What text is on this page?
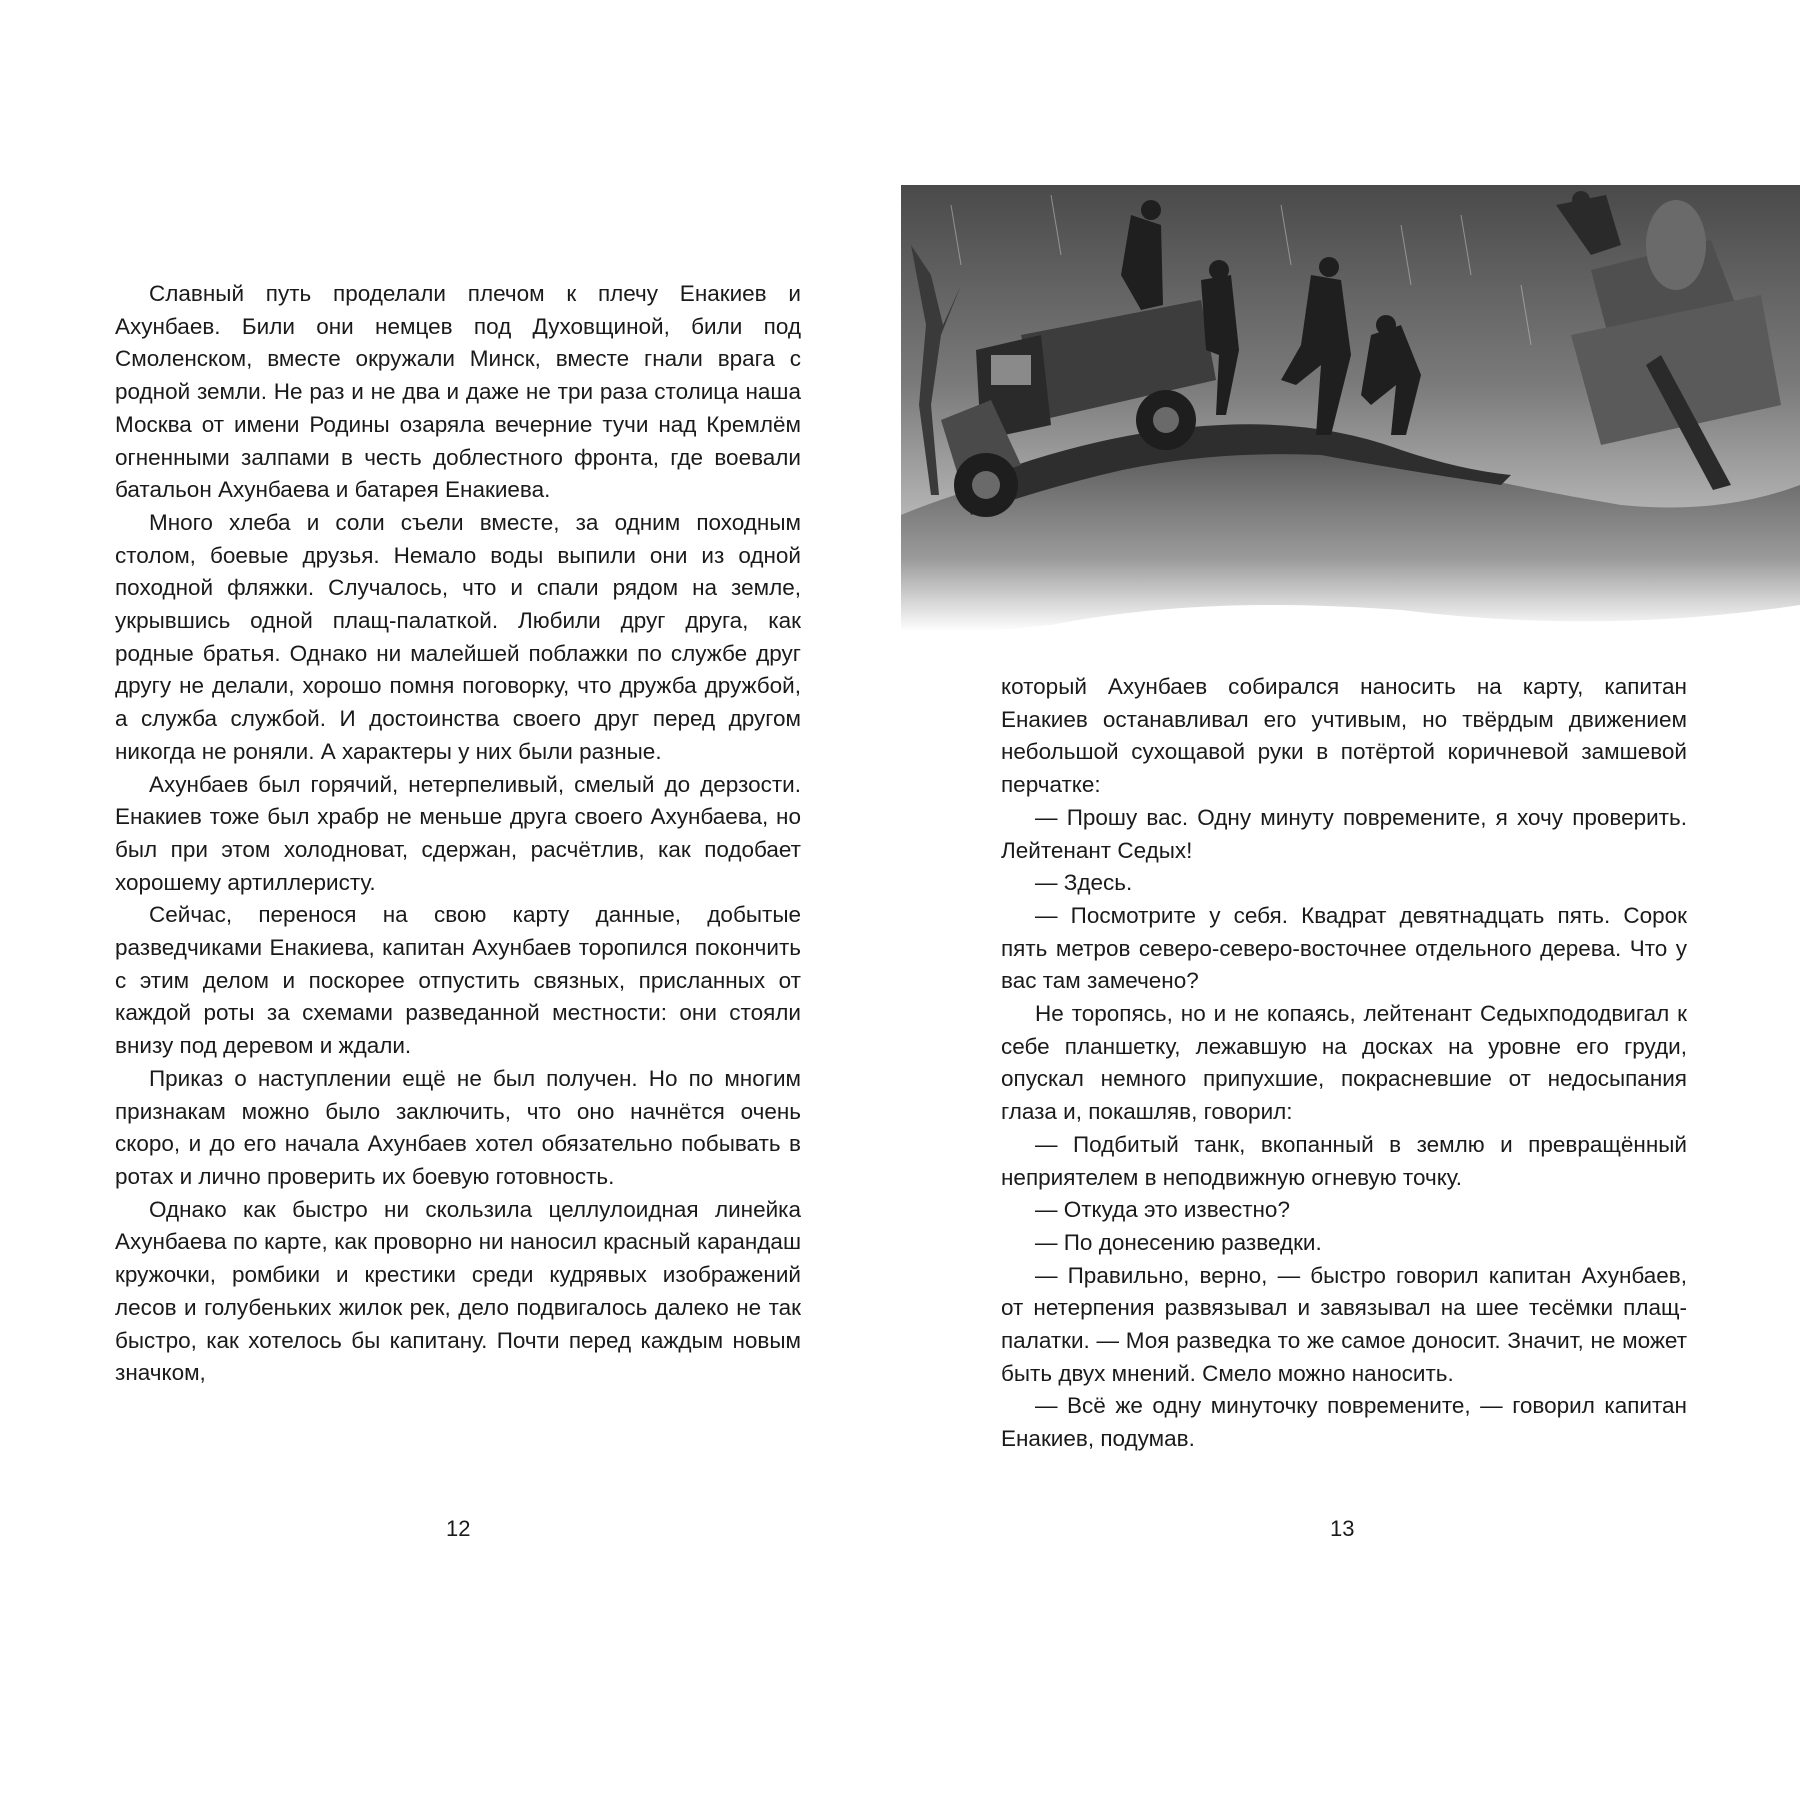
Славный путь проделали плечом к плечу Енакиев и Ахунбаев. Били они немцев под Духовщиной, били под Смоленском, вместе окружали Минск, вместе гнали врага с родной земли. Не раз и не два и даже не три раза столица наша Москва от имени Родины озаряла вечерние тучи над Кремлём огненными залпами в честь доблестного фронта, где воевали батальон Ахунбаева и батарея Енакиева.

Много хлеба и соли съели вместе, за одним походным столом, боевые друзья. Немало воды выпили они из одной походной фляжки. Случалось, что и спали рядом на земле, укрывшись одной плащ-палаткой. Любили друг друга, как родные братья. Однако ни малейшей поблажки по службе друг другу не делали, хорошо помня поговорку, что дружба дружбой, а служба службой. И достоинства своего друг перед другом никогда не роняли. А характеры у них были разные.

Ахунбаев был горячий, нетерпеливый, смелый до дерзости. Енакиев тоже был храбр не меньше друга своего Ахунбаева, но был при этом холодноват, сдержан, расчётлив, как подобает хорошему артиллеристу.

Сейчас, перенося на свою карту данные, добытые разведчиками Енакиева, капитан Ахунбаев торопился покончить с этим делом и поскорее отпустить связных, присланных от каждой роты за схемами разведанной местности: они стояли внизу под деревом и ждали.

Приказ о наступлении ещё не был получен. Но по многим признакам можно было заключить, что оно начнётся очень скоро, и до его начала Ахунбаев хотел обязательно побывать в ротах и лично проверить их боевую готовность.

Однако как быстро ни скользила целлулоидная линейка Ахунбаева по карте, как проворно ни наносил красный карандаш кружочки, ромбики и крестики среди кудрявых изображений лесов и голубеньких жилок рек, дело подвигалось далеко не так быстро, как хотелось бы капитану. Почти перед каждым новым значком,

12

который Ахунбаев собирался наносить на карту, капитан Енакиев останавливал его учтивым, но твёрдым движением небольшой сухощавой руки в потёртой коричневой замшевой перчатке:

— Прошу вас. Одну минуту повремените, я хочу проверить. Лейтенант Седых!

— Здесь.

— Посмотрите у себя. Квадрат девятнадцать пять. Сорок пять метров северо-северо-восточнее отдельного дерева. Что у вас там замечено?

Не торопясь, но и не копаясь, лейтенант Седыхпододвигал к себе планшетку, лежавшую на досках на уровне его груди, опускал немного припухшие, покрасневшие от недосыпания глаза и, покашляв, говорил:

— Подбитый танк, вкопанный в землю и превращённый неприятелем в неподвижную огневую точку.

— Откуда это известно?

— По донесению разведки.

— Правильно, верно, — быстро говорил капитан Ахунбаев, от нетерпения развязывал и завязывал на шее тесёмки плащ-палатки. — Моя разведка то же самое доносит. Значит, не может быть двух мнений. Смело можно наносить.

— Всё же одну минуточку повремените, — говорил капитан Енакиев, подумав.

13
